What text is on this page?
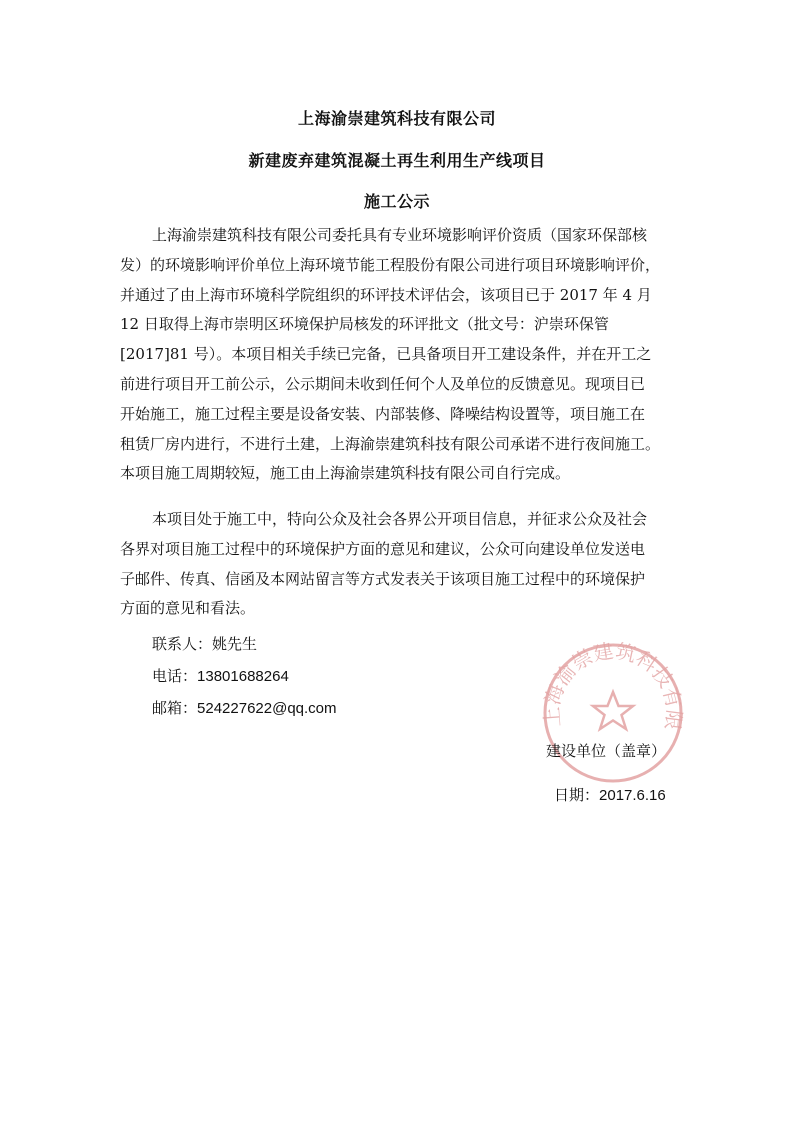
上海渝崇建筑科技有限公司
新建废弃建筑混凝土再生利用生产线项目
施工公示
上海渝崇建筑科技有限公司委托具有专业环境影响评价资质（国家环保部核
发）的环境影响评价单位上海环境节能工程股份有限公司进行项目环境影响评价，
并通过了由上海市环境科学院组织的环评技术评估会，该项目已于 2017 年 4 月
12 日取得上海市崇明区环境保护局核发的环评批文（批文号：沪崇环保管
[2017]81 号）。本项目相关手续已完备，已具备项目开工建设条件，并在开工之
前进行项目开工前公示，公示期间未收到任何个人及单位的反馈意见。现项目已
开始施工，施工过程主要是设备安装、内部装修、降噪结构设置等，项目施工在
租赁厂房内进行，不进行土建，上海渝崇建筑科技有限公司承诺不进行夜间施工。
本项目施工周期较短，施工由上海渝崇建筑科技有限公司自行完成。
本项目处于施工中，特向公众及社会各界公开项目信息，并征求公众及社会
各界对项目施工过程中的环境保护方面的意见和建议，公众可向建设单位发送电
子邮件、传真、信函及本网站留言等方式发表关于该项目施工过程中的环境保护
方面的意见和看法。
联系人：姚先生
电话：13801688264
邮箱：524227622@qq.com	上海渝崇建筑科技有限
建设单位（盖章）
日期：2017.6.16
